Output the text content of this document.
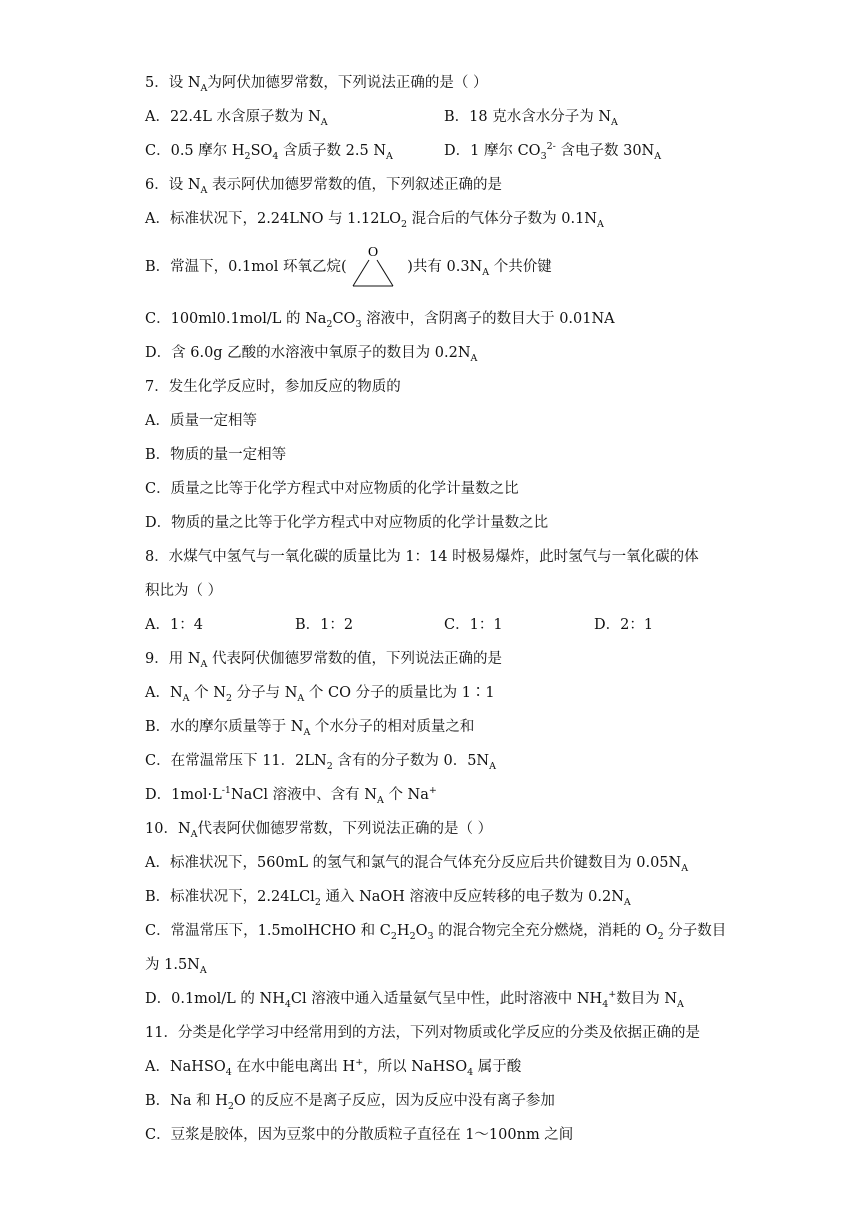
5．设 $N_A$为阿伏加德罗常数，下列说法正确的是（ ）
A．22.4L 水含原子数为 $N_A$	B．18 克水含水分子为 $N_A$
C．0.5 摩尔 $H_2SO_4$ 含质子数 2.5 $N_A$	D．1 摩尔 $CO_3^{2-}$ 含电子数 $30N_A$
6．设 $N_A$ 表示阿伏加德罗常数的值，下列叙述正确的是
A．标准状况下，2.24LNO 与 $1.12LO_2$ 混合后的气体分子数为 $0.1N_A$
B．常温下，0.1mol 环氧乙烷(
O
)共有 $0.3N_A$ 个共价键
C．100ml0.1mol/L 的 $Na_2CO_3$ 溶液中，含阴离子的数目大于 0.01NA
D．含 6.0g 乙酸的水溶液中氧原子的数目为 $0.2N_A$
7．发生化学反应时，参加反应的物质的
A．质量一定相等
B．物质的量一定相等
C．质量之比等于化学方程式中对应物质的化学计量数之比
D．物质的量之比等于化学方程式中对应物质的化学计量数之比
8．水煤气中氢气与一氧化碳的质量比为 1：14 时极易爆炸，此时氢气与一氧化碳的体
积比为（ ）
A．1：4	B．1：2	C．1：1	D．2：1
9．用 $N_A$ 代表阿伏伽德罗常数的值，下列说法正确的是
A．$N_A$ 个 $N_2$ 分子与 $N_A$ 个 CO 分子的质量比为 1∶1
B．水的摩尔质量等于 $N_A$ 个水分子的相对质量之和
C．在常温常压下 11．$2LN_2$ 含有的分子数为 0．$5N_A$
D．$1mol\cdot L^{-1}NaCl$ 溶液中、含有 $N_A$ 个 Na+
10．$N_A$代表阿伏伽德罗常数，下列说法正确的是（ ）
A．标准状况下，560mL 的氢气和氯气的混合气体充分反应后共价键数目为 $0.05N_A$
B．标准状况下，2.24LCl$_2$ 通入 NaOH 溶液中反应转移的电子数为 $0.2N_A$
C．常温常压下，1.5molHCHO 和 $C_2H_2O_3$ 的混合物完全充分燃烧，消耗的 $O_2$ 分子数目
为 $1.5N_A$
D．0.1mol/L 的 $NH_4Cl$ 溶液中通入适量氨气呈中性，此时溶液中 $NH_4^+$数目为 $N_A$
11．分类是化学学习中经常用到的方法，下列对物质或化学反应的分类及依据正确的是
A．NaHSO$_4$ 在水中能电离出 H+，所以 NaHSO$_4$ 属于酸
B．Na 和 $H_2O$ 的反应不是离子反应，因为反应中没有离子参加
C．豆浆是胶体，因为豆浆中的分散质粒子直径在 1～100nm 之间
